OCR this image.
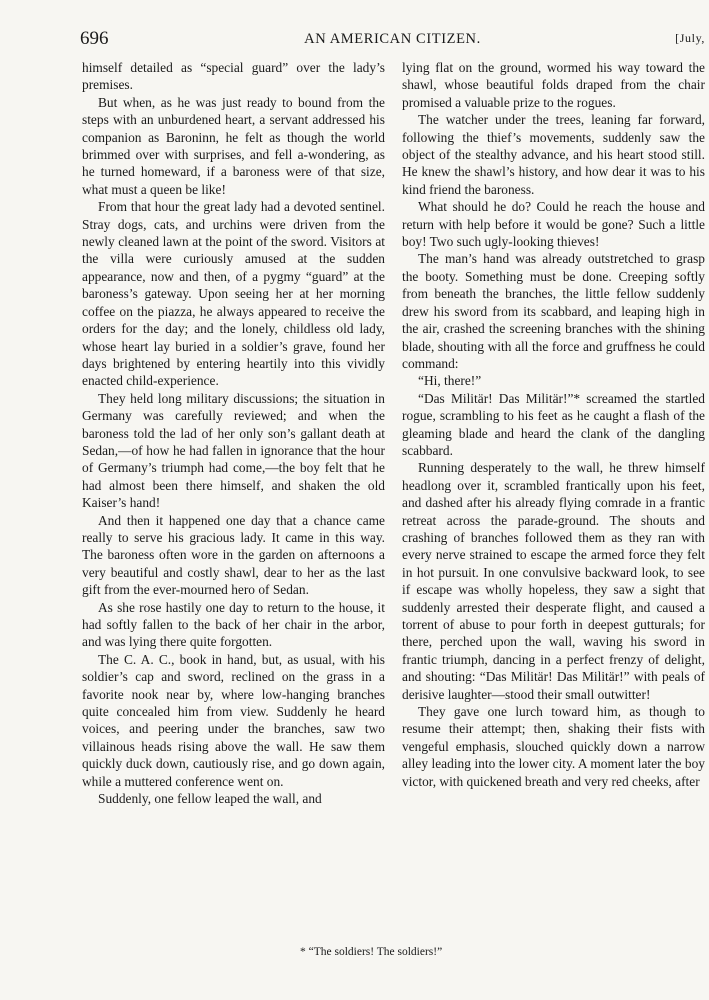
696	AN AMERICAN CITIZEN.	[July,

himself detailed as “special guard” over the lady’s premises.

But when, as he was just ready to bound from the steps with an unburdened heart, a servant addressed his companion as Baroninn, he felt as though the world brimmed over with surprises, and fell a-wondering, as he turned homeward, if a baroness were of that size, what must a queen be like!

From that hour the great lady had a devoted sentinel. Stray dogs, cats, and urchins were driven from the newly cleaned lawn at the point of the sword. Visitors at the villa were curiously amused at the sudden appearance, now and then, of a pygmy “guard” at the baroness’s gateway. Upon seeing her at her morning coffee on the piazza, he always appeared to receive the orders for the day; and the lonely, childless old lady, whose heart lay buried in a soldier’s grave, found her days brightened by entering heartily into this vividly enacted child-experience.

They held long military discussions; the situation in Germany was carefully reviewed; and when the baroness told the lad of her only son’s gallant death at Sedan,—of how he had fallen in ignorance that the hour of Germany’s triumph had come,—the boy felt that he had almost been there himself, and shaken the old Kaiser’s hand!

And then it happened one day that a chance came really to serve his gracious lady. It came in this way. The baroness often wore in the garden on afternoons a very beautiful and costly shawl, dear to her as the last gift from the ever-mourned hero of Sedan.

As she rose hastily one day to return to the house, it had softly fallen to the back of her chair in the arbor, and was lying there quite forgotten.

The C. A. C., book in hand, but, as usual, with his soldier’s cap and sword, reclined on the grass in a favorite nook near by, where low-hanging branches quite concealed him from view. Suddenly he heard voices, and peering under the branches, saw two villainous heads rising above the wall. He saw them quickly duck down, cautiously rise, and go down again, while a muttered conference went on.

Suddenly, one fellow leaped the wall, and

lying flat on the ground, wormed his way toward the shawl, whose beautiful folds draped from the chair promised a valuable prize to the rogues.

The watcher under the trees, leaning far forward, following the thief’s movements, suddenly saw the object of the stealthy advance, and his heart stood still. He knew the shawl’s history, and how dear it was to his kind friend the baroness.

What should he do? Could he reach the house and return with help before it would be gone? Such a little boy! Two such ugly-looking thieves!

The man’s hand was already outstretched to grasp the booty. Something must be done. Creeping softly from beneath the branches, the little fellow suddenly drew his sword from its scabbard, and leaping high in the air, crashed the screening branches with the shining blade, shouting with all the force and gruffness he could command:

“Hi, there!”

“Das Militär! Das Militär!”* screamed the startled rogue, scrambling to his feet as he caught a flash of the gleaming blade and heard the clank of the dangling scabbard.

Running desperately to the wall, he threw himself headlong over it, scrambled frantically upon his feet, and dashed after his already flying comrade in a frantic retreat across the parade-ground. The shouts and crashing of branches followed them as they ran with every nerve strained to escape the armed force they felt in hot pursuit. In one convulsive backward look, to see if escape was wholly hopeless, they saw a sight that suddenly arrested their desperate flight, and caused a torrent of abuse to pour forth in deepest gutturals; for there, perched upon the wall, waving his sword in frantic triumph, dancing in a perfect frenzy of delight, and shouting: “Das Militär! Das Militär!” with peals of derisive laughter—stood their small outwitter!

They gave one lurch toward him, as though to resume their attempt; then, shaking their fists with vengeful emphasis, slouched quickly down a narrow alley leading into the lower city. A moment later the boy victor, with quickened breath and very red cheeks, after

* “The soldiers! The soldiers!”
